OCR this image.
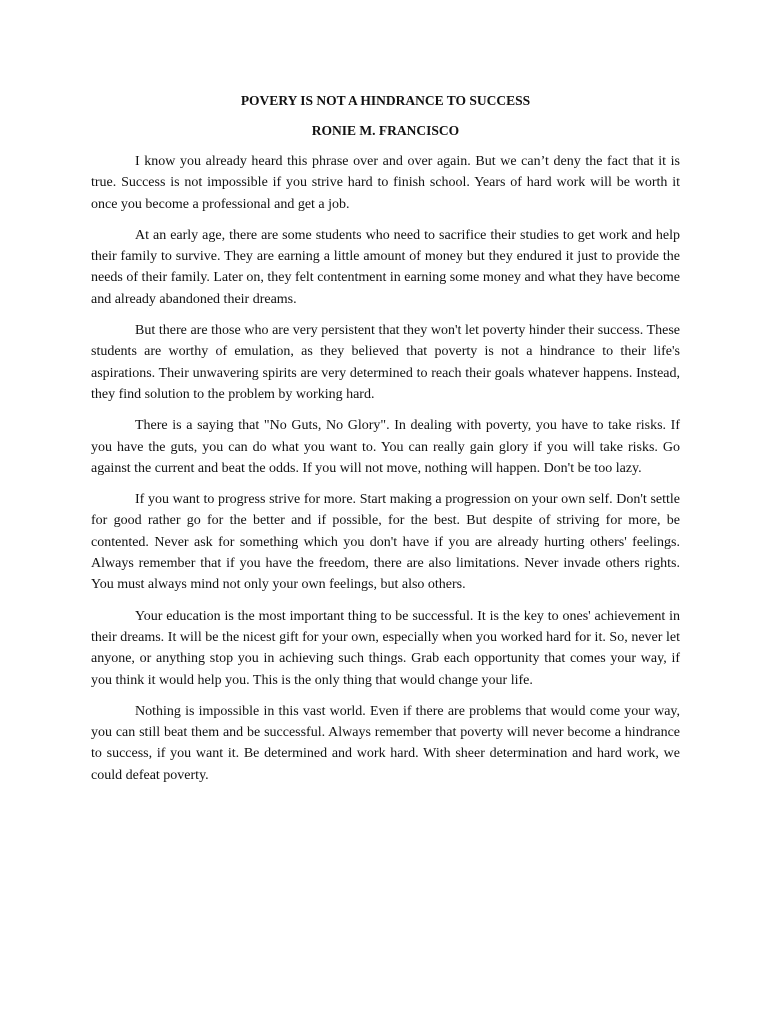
POVERY IS NOT A HINDRANCE TO SUCCESS
RONIE M. FRANCISCO

I know you already heard this phrase over and over again. But we can’t deny the fact that it is true. Success is not impossible if you strive hard to finish school. Years of hard work will be worth it once you become a professional and get a job.

At an early age, there are some students who need to sacrifice their studies to get work and help their family to survive. They are earning a little amount of money but they endured it just to provide the needs of their family. Later on, they felt contentment in earning some money and what they have become and already abandoned their dreams.

But there are those who are very persistent that they won't let poverty hinder their success. These students are worthy of emulation, as they believed that poverty is not a hindrance to their life's aspirations. Their unwavering spirits are very determined to reach their goals whatever happens. Instead, they find solution to the problem by working hard.

There is a saying that "No Guts, No Glory". In dealing with poverty, you have to take risks. If you have the guts, you can do what you want to. You can really gain glory if you will take risks. Go against the current and beat the odds. If you will not move, nothing will happen. Don't be too lazy.

If you want to progress strive for more. Start making a progression on your own self. Don't settle for good rather go for the better and if possible, for the best. But despite of striving for more, be contented. Never ask for something which you don't have if you are already hurting others' feelings. Always remember that if you have the freedom, there are also limitations. Never invade others rights. You must always mind not only your own feelings, but also others.

Your education is the most important thing to be successful. It is the key to ones' achievement in their dreams. It will be the nicest gift for your own, especially when you worked hard for it. So, never let anyone, or anything stop you in achieving such things. Grab each opportunity that comes your way, if you think it would help you. This is the only thing that would change your life.

Nothing is impossible in this vast world. Even if there are problems that would come your way, you can still beat them and be successful. Always remember that poverty will never become a hindrance to success, if you want it. Be determined and work hard. With sheer determination and hard work, we could defeat poverty.
